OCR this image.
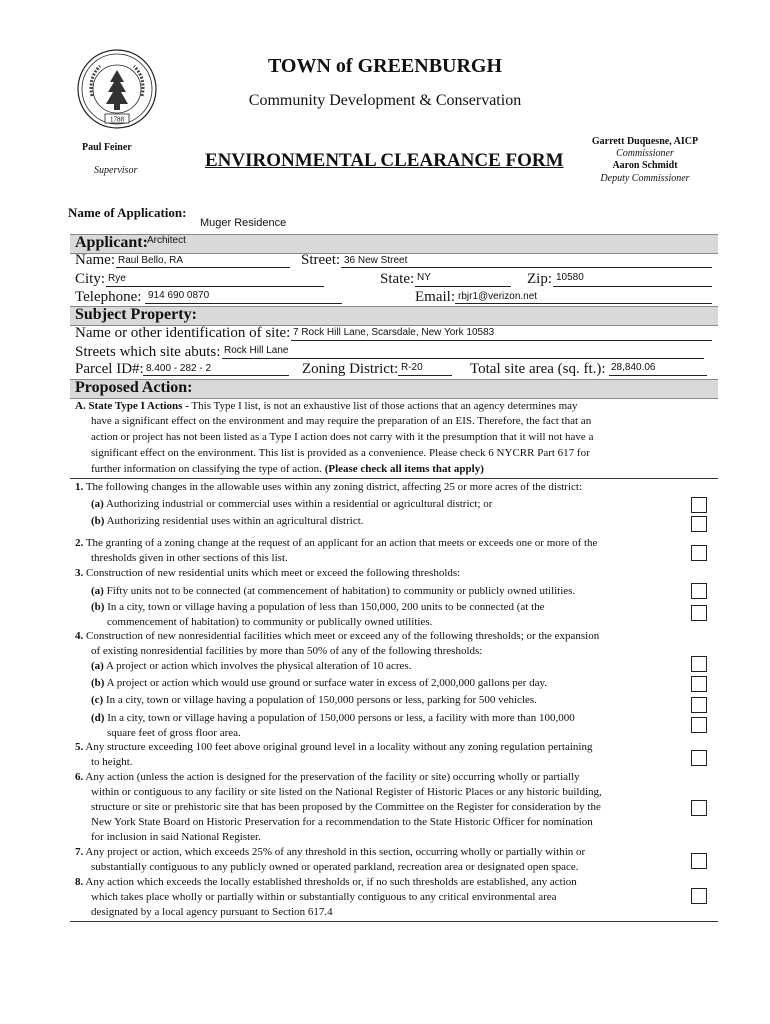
1788
TOWN of GREENBURGH
Community Development & Conservation
Paul Feiner
Supervisor	ENVIRONMENTAL CLEARANCE FORM
Garrett Duquesne, AICP
Commissioner
Aaron Schmidt
Deputy Commissioner
Name of Application:
Muger Residence
Applicant: Architect
Name: Raul Bello, RA	Street: 36 New Street
City: Rye	State: NY	Zip: 10580
Telephone: 914 690 0870	Email: rbjr1@verizon.net
Subject Property:
Name or other identification of site: 7 Rock Hill Lane, Scarsdale, New York 10583
Streets which site abuts: Rock Hill Lane
Parcel ID#: 8.400 - 282 - 2	Zoning District: R-20	Total site area (sq. ft.): 28,840.06
Proposed Action:
A. State Type I Actions - This Type I list, is not an exhaustive list of those actions that an agency determines may
have a significant effect on the environment and may require the preparation of an EIS. Therefore, the fact that an
action or project has not been listed as a Type I action does not carry with it the presumption that it will not have a
significant effect on the environment. This list is provided as a convenience. Please check 6 NYCRR Part 617 for
further information on classifying the type of action. (Please check all items that apply)
1. The following changes in the allowable uses within any zoning district, affecting 25 or more acres of the district:
(a) Authorizing industrial or commercial uses within a residential or agricultural district; or
(b) Authorizing residential uses within an agricultural district.
2. The granting of a zoning change at the request of an applicant for an action that meets or exceeds one or more of the
thresholds given in other sections of this list.
3. Construction of new residential units which meet or exceed the following thresholds:
(a) Fifty units not to be connected (at commencement of habitation) to community or publicly owned utilities.
(b) In a city, town or village having a population of less than 150,000, 200 units to be connected (at the
commencement of habitation) to community or publically owned utilities.
4. Construction of new nonresidential facilities which meet or exceed any of the following thresholds; or the expansion
of existing nonresidential facilities by more than 50% of any of the following thresholds:
(a) A project or action which involves the physical alteration of 10 acres.
(b) A project or action which would use ground or surface water in excess of 2,000,000 gallons per day.
(c) In a city, town or village having a population of 150,000 persons or less, parking for 500 vehicles.
(d) In a city, town or village having a population of 150,000 persons or less, a facility with more than 100,000
square feet of gross floor area.
5. Any structure exceeding 100 feet above original ground level in a locality without any zoning regulation pertaining
to height.
6. Any action (unless the action is designed for the preservation of the facility or site) occurring wholly or partially
within or contiguous to any facility or site listed on the National Register of Historic Places or any historic building,
structure or site or prehistoric site that has been proposed by the Committee on the Register for consideration by the
New York State Board on Historic Preservation for a recommendation to the State Historic Officer for nomination
for inclusion in said National Register.
7. Any project or action, which exceeds 25% of any threshold in this section, occurring wholly or partially within or
substantially contiguous to any publicly owned or operated parkland, recreation area or designated open space.
8. Any action which exceeds the locally established thresholds or, if no such thresholds are established, any action
which takes place wholly or partially within or substantially contiguous to any critical environmental area
designated by a local agency pursuant to Section 617.4
